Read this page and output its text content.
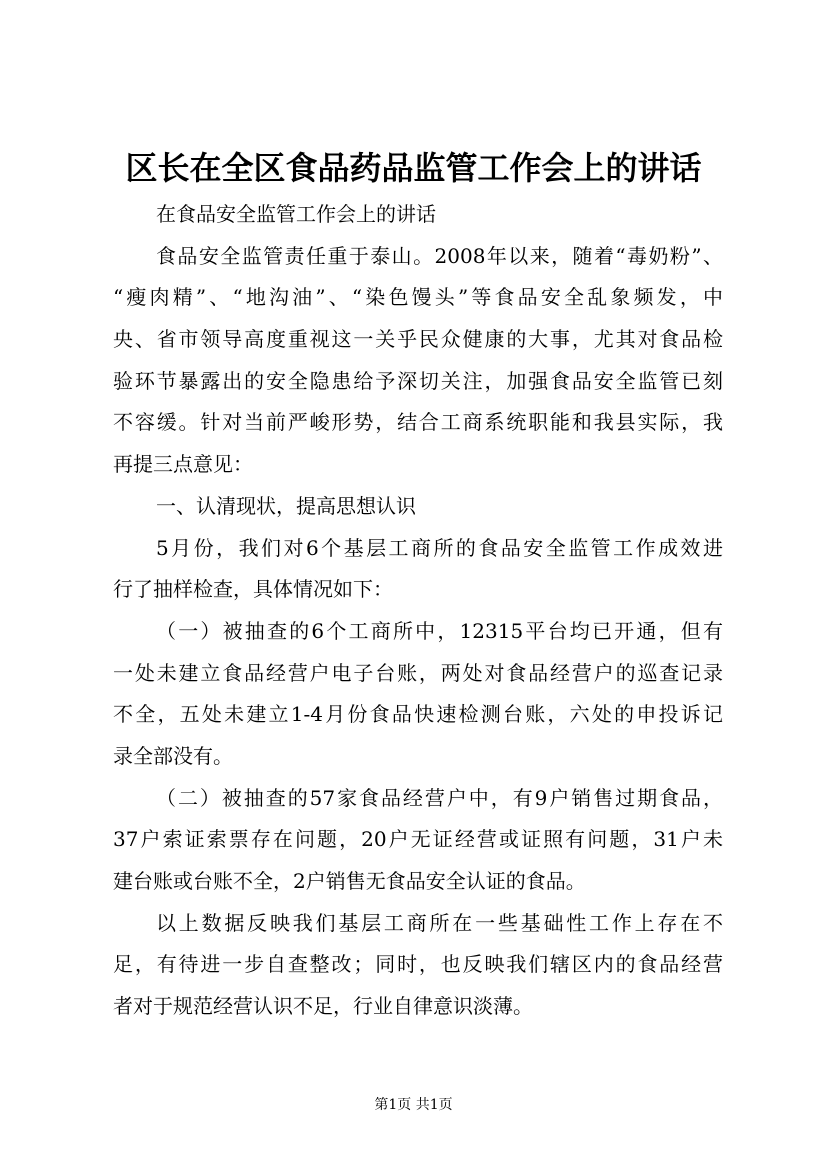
区长在全区食品药品监管工作会上的讲话
在食品安全监管工作会上的讲话
食品安全监管责任重于泰山。2008年以来，随着“毒奶粉”、
“瘦肉精”、“地沟油”、“染色馒头”等食品安全乱象频发，中
央、省市领导高度重视这一关乎民众健康的大事，尤其对食品检
验环节暴露出的安全隐患给予深切关注，加强食品安全监管已刻
不容缓。针对当前严峻形势，结合工商系统职能和我县实际，我
再提三点意见：
一、认清现状，提高思想认识
5月份，我们对6个基层工商所的食品安全监管工作成效进
行了抽样检查，具体情况如下：
（一）被抽查的6个工商所中，12315平台均已开通，但有
一处未建立食品经营户电子台账，两处对食品经营户的巡查记录
不全，五处未建立1-4月份食品快速检测台账，六处的申投诉记
录全部没有。
（二）被抽查的57家食品经营户中，有9户销售过期食品，
37户索证索票存在问题，20户无证经营或证照有问题，31户未
建台账或台账不全，2户销售无食品安全认证的食品。
以上数据反映我们基层工商所在一些基础性工作上存在不
足，有待进一步自查整改；同时，也反映我们辖区内的食品经营
者对于规范经营认识不足，行业自律意识淡薄。
第1页 共1页
